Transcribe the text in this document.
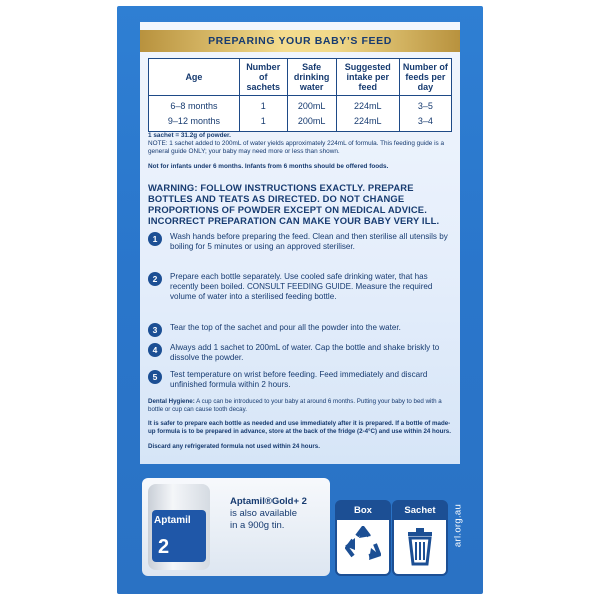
PREPARING YOUR BABY’S FEED
Age	Number of sachets	Safe drinking water	Suggested intake per feed	Number of feeds per day
6–8 months	1	200mL	224mL	3–5
9–12 months	1	200mL	224mL	3–4
1 sachet = 31.2g of powder.
NOTE: 1 sachet added to 200mL of water yields approximately 224mL of formula. This feeding guide is a general guide ONLY; your baby may need more or less than shown.
Not for infants under 6 months. Infants from 6 months should be offered foods.
WARNING: FOLLOW INSTRUCTIONS EXACTLY. PREPARE BOTTLES AND TEATS AS DIRECTED. DO NOT CHANGE PROPORTIONS OF POWDER EXCEPT ON MEDICAL ADVICE. INCORRECT PREPARATION CAN MAKE YOUR BABY VERY ILL.
1	Wash hands before preparing the feed. Clean and then sterilise all utensils by boiling for 5 minutes or using an approved steriliser.
2	Prepare each bottle separately. Use cooled safe drinking water, that has recently been boiled. CONSULT FEEDING GUIDE. Measure the required volume of water into a sterilised feeding bottle.
3	Tear the top of the sachet and pour all the powder into the water.
4	Always add 1 sachet to 200mL of water. Cap the bottle and shake briskly to dissolve the powder.
5	Test temperature on wrist before feeding. Feed immediately and discard unfinished formula within 2 hours.
Dental Hygiene: A cup can be introduced to your baby at around 6 months. Putting your baby to bed with a bottle or cup can cause tooth decay.
It is safer to prepare each bottle as needed and use immediately after it is prepared. If a bottle of made-up formula is to be prepared in advance, store at the back of the fridge (2-4°C) and use within 24 hours.
Discard any refrigerated formula not used within 24 hours.
Aptamil
2
Aptamil®Gold+ 2
is also available
in a 900g tin.
Box	Sachet	arl.org.au
